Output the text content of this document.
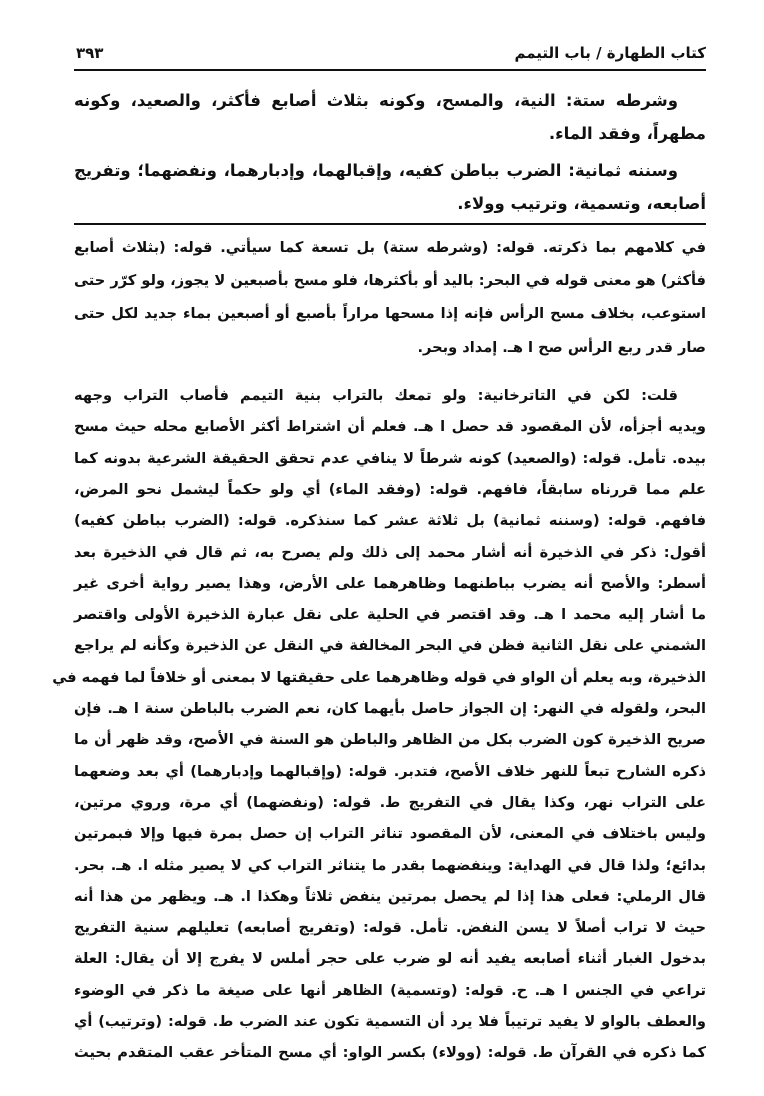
كتاب الطهارة / باب التيمم
٣٩٣
وشرطه ستة: النية، والمسح، وكونه بثلاث أصابع فأكثر، والصعيد، وكونه
مطهراً، وفقد الماء.
وسننه ثمانية: الضرب بباطن كفيه، وإقبالهما، وإدبارهما، ونفضهما؛ وتفريج
أصابعه، وتسمية، وترتيب وولاء.
في كلامهم بما ذكرته. قوله: (وشرطه ستة) بل تسعة كما سيأتي. قوله: (بثلاث أصابع
فأكثر) هو معنى قوله في البحر: باليد أو بأكثرها، فلو مسح بأصبعين لا يجوز، ولو كرّر حتى
استوعب، بخلاف مسح الرأس فإنه إذا مسحها مراراً بأصبع أو أصبعين بماء جديد لكل حتى
صار قدر ربع الرأس صح ا هـ. إمداد وبحر.
قلت: لكن في التاترخانية: ولو تمعك بالتراب بنية التيمم فأصاب التراب وجهه
ويديه أجزأه، لأن المقصود قد حصل ا هـ. فعلم أن اشتراط أكثر الأصابع محله حيث مسح
بيده. تأمل. قوله: (والصعيد) كونه شرطاً لا ينافي عدم تحقق الحقيقة الشرعية بدونه كما
علم مما قررناه سابقاً، فافهم. قوله: (وفقد الماء) أي ولو حكماً ليشمل نحو المرض،
فافهم. قوله: (وسننه ثمانية) بل ثلاثة عشر كما سنذكره. قوله: (الضرب بباطن كفيه)
أقول: ذكر في الذخيرة أنه أشار محمد إلى ذلك ولم يصرح به، ثم قال في الذخيرة بعد
أسطر: والأصح أنه يضرب بباطنهما وظاهرهما على الأرض، وهذا يصير رواية أخرى غير
ما أشار إليه محمد ا هـ. وقد اقتصر في الحلية على نقل عبارة الذخيرة الأولى واقتصر
الشمني على نقل الثانية فظن في البحر المخالفة في النقل عن الذخيرة وكأنه لم يراجع
الذخيرة، وبه يعلم أن الواو في قوله وظاهرهما على حقيقتها لا بمعنى أو خلافاً لما فهمه في
البحر، ولقوله في النهر: إن الجواز حاصل بأيهما كان، نعم الضرب بالباطن سنة ا هـ. فإن
صريح الذخيرة كون الضرب بكل من الظاهر والباطن هو السنة في الأصح، وقد ظهر أن ما
ذكره الشارح تبعاً للنهر خلاف الأصح، فتدبر. قوله: (وإقبالهما وإدبارهما) أي بعد وضعهما
على التراب نهر، وكذا يقال في التفريج ط. قوله: (ونفضهما) أي مرة، وروي مرتين،
وليس باختلاف في المعنى، لأن المقصود تناثر التراب إن حصل بمرة فيها وإلا فبمرتين
بدائع؛ ولذا قال في الهداية: وينفضهما بقدر ما يتناثر التراب كي لا يصير مثله ا. هـ. بحر.
قال الرملي: فعلى هذا إذا لم يحصل بمرتين ينفض ثلاثاً وهكذا ا. هـ. ويظهر من هذا أنه
حيث لا تراب أصلاً لا يسن النفض. تأمل. قوله: (وتفريج أصابعه) تعليلهم سنية التفريج
بدخول الغبار أثناء أصابعه يفيد أنه لو ضرب على حجر أملس لا يفرج إلا أن يقال: العلة
تراعي في الجنس ا هـ. ح. قوله: (وتسمية) الظاهر أنها على صيغة ما ذكر في الوضوء
والعطف بالواو لا يفيد ترتيباً فلا يرد أن التسمية تكون عند الضرب ط. قوله: (وترتيب) أي
كما ذكره في القرآن ط. قوله: (وولاء) بكسر الواو: أي مسح المتأخر عقب المتقدم بحيث
